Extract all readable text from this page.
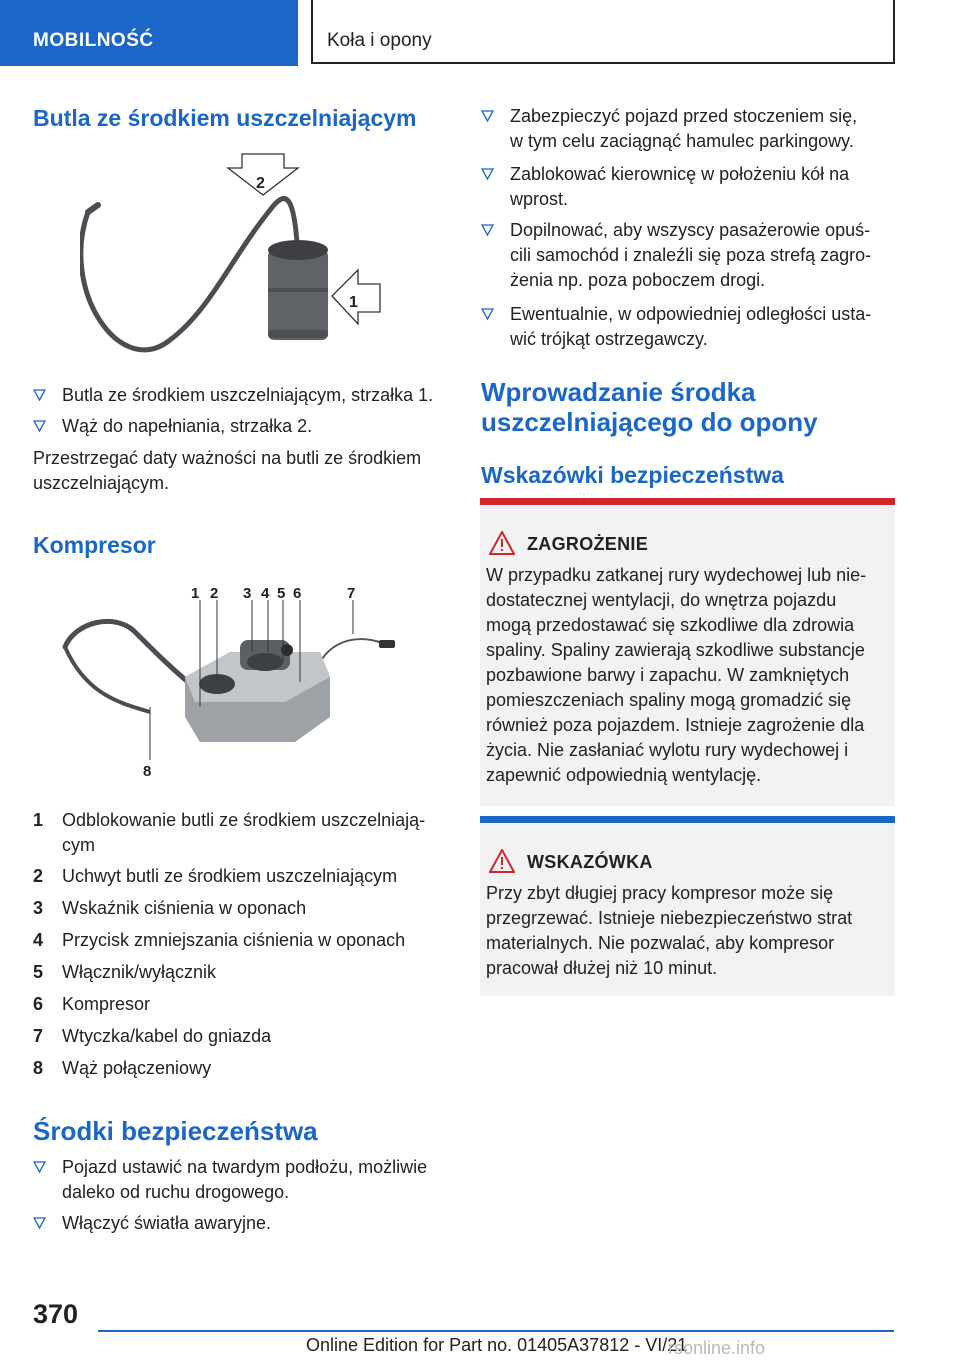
MOBILNOŚĆ	Koła i opony
Butla ze środkiem uszczelniającym
2
1
Butla ze środkiem uszczelniającym, strzałka 1.
Wąż do napełniania, strzałka 2.
Przestrzegać daty ważności na butli ze środkiem
uszczelniającym.
Kompresor
1 2 3 4 5 6	7
8
1	Odblokowanie butli ze środkiem uszczelniają-
cym
2	Uchwyt butli ze środkiem uszczelniającym
3	Wskaźnik ciśnienia w oponach
4	Przycisk zmniejszania ciśnienia w oponach
5	Włącznik/wyłącznik
6	Kompresor
7	Wtyczka/kabel do gniazda
8	Wąż połączeniowy
Środki bezpieczeństwa
Pojazd ustawić na twardym podłożu, możliwie
daleko od ruchu drogowego.
Włączyć światła awaryjne.
Zabezpieczyć pojazd przed stoczeniem się,
w tym celu zaciągnąć hamulec parkingowy.
Zablokować kierownicę w położeniu kół na
wprost.
Dopilnować, aby wszyscy pasażerowie opuś-
cili samochód i znaleźli się poza strefą zagro-
żenia np. poza poboczem drogi.
Ewentualnie, w odpowiedniej odległości usta-
wić trójkąt ostrzegawczy.
Wprowadzanie środka
uszczelniającego do opony
Wskazówki bezpieczeństwa
ZAGROŻENIE
W przypadku zatkanej rury wydechowej lub nie-
dostatecznej wentylacji, do wnętrza pojazdu
mogą przedostawać się szkodliwe dla zdrowia
spaliny. Spaliny zawierają szkodliwe substancje
pozbawione barwy i zapachu. W zamkniętych
pomieszczeniach spaliny mogą gromadzić się
również poza pojazdem. Istnieje zagrożenie dla
życia. Nie zasłaniać wylotu rury wydechowej i
zapewnić odpowiednią wentylację.
WSKAZÓWKA
Przy zbyt długiej pracy kompresor może się
przegrzewać. Istnieje niebezpieczeństwo strat
materialnych. Nie pozwalać, aby kompresor
pracował dłużej niż 10 minut.
370
Online Edition for Part no. 01405A37812 - VI/21
rsonline.info
